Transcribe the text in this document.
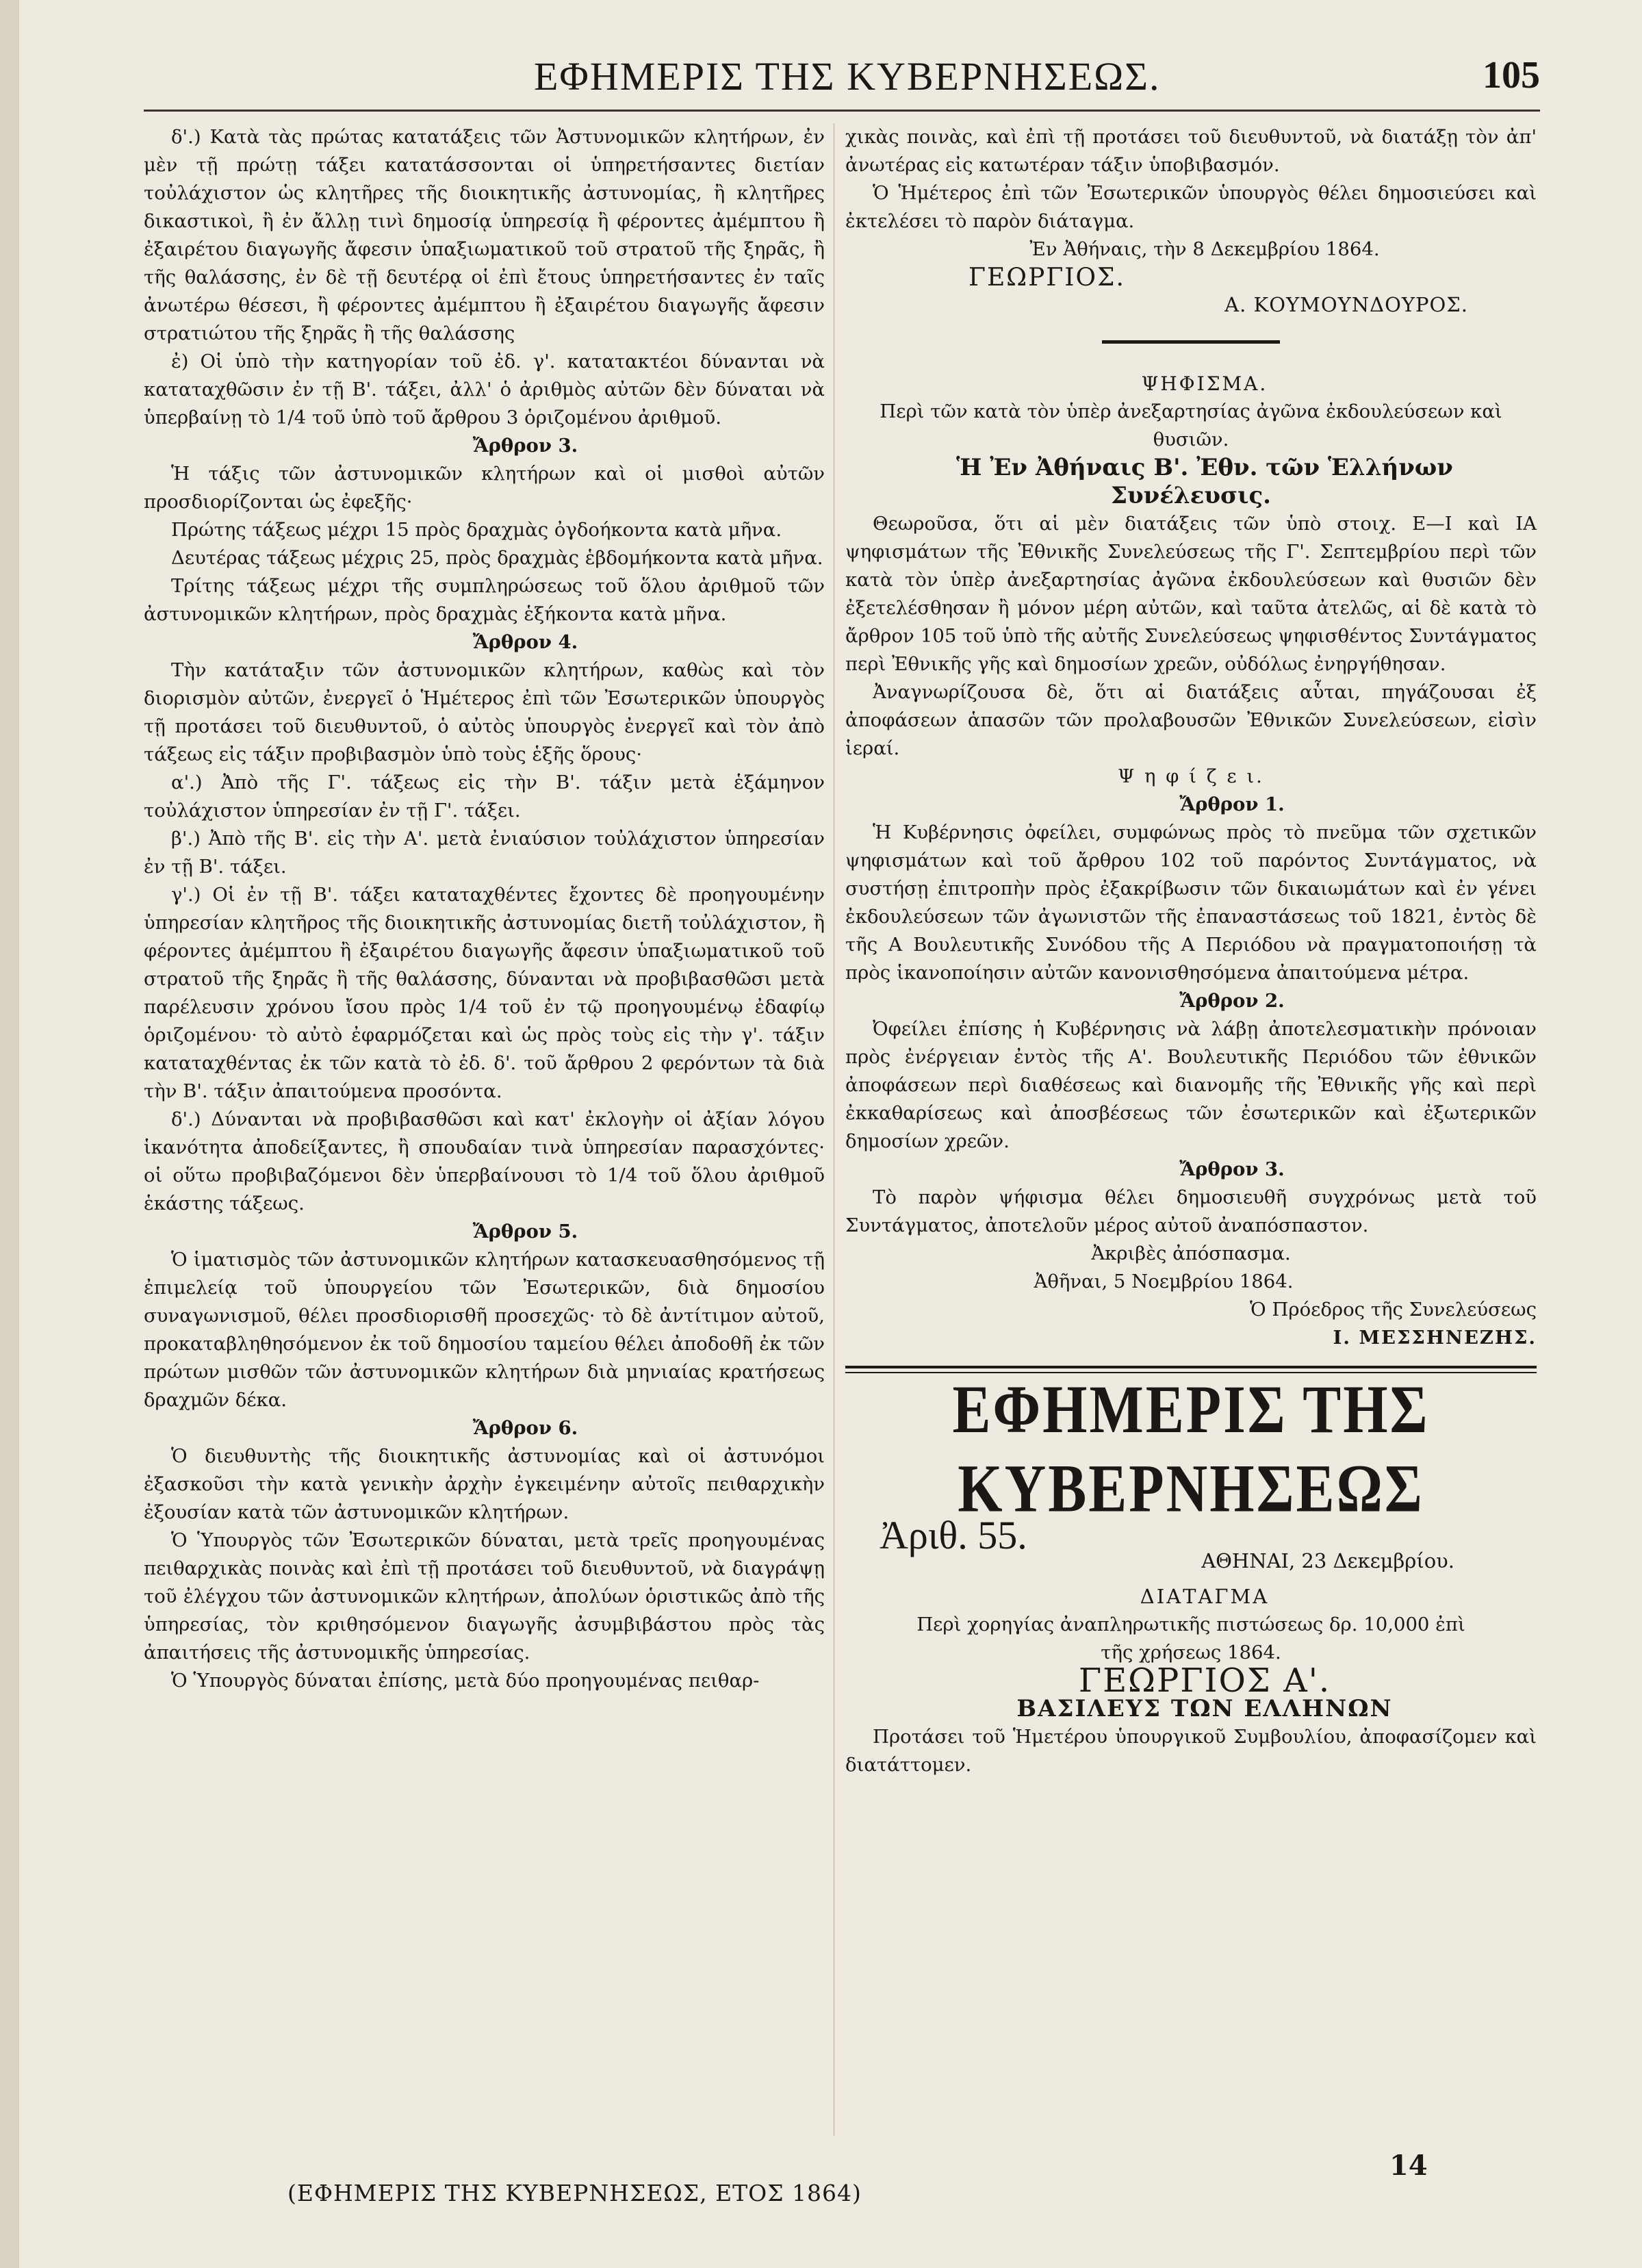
ΕΦΗΜΕΡΙΣ ΤΗΣ ΚΥΒΕΡΝΗΣΕΩΣ.	105

δ'.) Κατὰ τὰς πρώτας κατατάξεις τῶν Ἀστυνομικῶν κλητήρων, ἐν μὲν τῇ πρώτῃ τάξει κατατάσσονται οἱ ὑπηρετήσαντες διετίαν τοὐλάχιστον ὡς κλητῆρες τῆς διοικητικῆς ἀστυνομίας, ἢ κλητῆρες δικαστικοὶ, ἢ ἐν ἄλλῃ τινὶ δημοσίᾳ ὑπηρεσίᾳ ἢ φέροντες ἀμέμπτου ἢ ἐξαιρέτου διαγωγῆς ἄφεσιν ὑπαξιωματικοῦ τοῦ στρατοῦ τῆς ξηρᾶς, ἢ τῆς θαλάσσης, ἐν δὲ τῇ δευτέρᾳ οἱ ἐπὶ ἔτους ὑπηρετήσαντες ἐν ταῖς ἀνωτέρω θέσεσι, ἢ φέροντες ἀμέμπτου ἢ ἐξαιρέτου διαγωγῆς ἄφεσιν στρατιώτου τῆς ξηρᾶς ἢ τῆς θαλάσσης

ἐ) Οἱ ὑπὸ τὴν κατηγορίαν τοῦ ἐδ. γ'. κατατακτέοι δύνανται νὰ καταταχθῶσιν ἐν τῇ Β'. τάξει, ἀλλ' ὁ ἀριθμὸς αὐτῶν δὲν δύναται νὰ ὑπερβαίνῃ τὸ 1/4 τοῦ ὑπὸ τοῦ ἄρθρου 3 ὁριζομένου ἀριθμοῦ.

Ἄρθρον 3.

Ἡ τάξις τῶν ἀστυνομικῶν κλητήρων καὶ οἱ μισθοὶ αὐτῶν προσδιορίζονται ὡς ἐφεξῆς·

Πρώτης τάξεως μέχρι 15 πρὸς δραχμὰς ὀγδοήκοντα κατὰ μῆνα.

Δευτέρας τάξεως μέχρις 25, πρὸς δραχμὰς ἑβδομήκοντα κατὰ μῆνα.

Τρίτης τάξεως μέχρι τῆς συμπληρώσεως τοῦ ὅλου ἀριθμοῦ τῶν ἀστυνομικῶν κλητήρων, πρὸς δραχμὰς ἑξήκοντα κατὰ μῆνα.

Ἄρθρον 4.

Τὴν κατάταξιν τῶν ἀστυνομικῶν κλητήρων, καθὼς καὶ τὸν διορισμὸν αὐτῶν, ἐνεργεῖ ὁ Ἡμέτερος ἐπὶ τῶν Ἐσωτερικῶν ὑπουργὸς τῇ προτάσει τοῦ διευθυντοῦ, ὁ αὐτὸς ὑπουργὸς ἐνεργεῖ καὶ τὸν ἀπὸ τάξεως εἰς τάξιν προβιβασμὸν ὑπὸ τοὺς ἑξῆς ὅρους·

α'.) Ἀπὸ τῆς Γ'. τάξεως εἰς τὴν Β'. τάξιν μετὰ ἑξάμηνον τοὐλάχιστον ὑπηρεσίαν ἐν τῇ Γ'. τάξει.

β'.) Ἀπὸ τῆς Β'. εἰς τὴν Α'. μετὰ ἐνιαύσιον τοὐλάχιστον ὑπηρεσίαν ἐν τῇ Β'. τάξει.

γ'.) Οἱ ἐν τῇ Β'. τάξει καταταχθέντες ἔχοντες δὲ προηγουμένην ὑπηρεσίαν κλητῆρος τῆς διοικητικῆς ἀστυνομίας διετῆ τοὐλάχιστον, ἢ φέροντες ἀμέμπτου ἢ ἐξαιρέτου διαγωγῆς ἄφεσιν ὑπαξιωματικοῦ τοῦ στρατοῦ τῆς ξηρᾶς ἢ τῆς θαλάσσης, δύνανται νὰ προβιβασθῶσι μετὰ παρέλευσιν χρόνου ἴσου πρὸς 1/4 τοῦ ἐν τῷ προηγουμένῳ ἐδαφίῳ ὁριζομένου· τὸ αὐτὸ ἐφαρμόζεται καὶ ὡς πρὸς τοὺς εἰς τὴν γ'. τάξιν καταταχθέντας ἐκ τῶν κατὰ τὸ ἐδ. δ'. τοῦ ἄρθρου 2 φερόντων τὰ διὰ τὴν Β'. τάξιν ἀπαιτούμενα προσόντα.

δ'.) Δύνανται νὰ προβιβασθῶσι καὶ κατ' ἐκλογὴν οἱ ἀξίαν λόγου ἱκανότητα ἀποδείξαντες, ἢ σπουδαίαν τινὰ ὑπηρεσίαν παρασχόντες· οἱ οὕτω προβιβαζόμενοι δὲν ὑπερβαίνουσι τὸ 1/4 τοῦ ὅλου ἀριθμοῦ ἑκάστης τάξεως.

Ἄρθρον 5.

Ὁ ἱματισμὸς τῶν ἀστυνομικῶν κλητήρων κατασκευασθησόμενος τῇ ἐπιμελείᾳ τοῦ ὑπουργείου τῶν Ἐσωτερικῶν, διὰ δημοσίου συναγωνισμοῦ, θέλει προσδιορισθῆ προσεχῶς· τὸ δὲ ἀντίτιμον αὐτοῦ, προκαταβληθησόμενον ἐκ τοῦ δημοσίου ταμείου θέλει ἀποδοθῆ ἐκ τῶν πρώτων μισθῶν τῶν ἀστυνομικῶν κλητήρων διὰ μηνιαίας κρατήσεως δραχμῶν δέκα.

Ἄρθρον 6.

Ὁ διευθυντὴς τῆς διοικητικῆς ἀστυνομίας καὶ οἱ ἀστυνόμοι ἐξασκοῦσι τὴν κατὰ γενικὴν ἀρχὴν ἐγκειμένην αὐτοῖς πειθαρχικὴν ἐξουσίαν κατὰ τῶν ἀστυνομικῶν κλητήρων.

Ὁ Ὑπουργὸς τῶν Ἐσωτερικῶν δύναται, μετὰ τρεῖς προηγουμένας πειθαρχικὰς ποινὰς καὶ ἐπὶ τῇ προτάσει τοῦ διευθυντοῦ, νὰ διαγράψῃ τοῦ ἐλέγχου τῶν ἀστυνομικῶν κλητήρων, ἀπολύων ὁριστικῶς ἀπὸ τῆς ὑπηρεσίας, τὸν κριθησόμενον διαγωγῆς ἀσυμβιβάστου πρὸς τὰς ἀπαιτήσεις τῆς ἀστυνομικῆς ὑπηρεσίας.

Ὁ Ὑπουργὸς δύναται ἐπίσης, μετὰ δύο προηγουμένας πειθαρ-

χικὰς ποινὰς, καὶ ἐπὶ τῇ προτάσει τοῦ διευθυντοῦ, νὰ διατάξῃ τὸν ἀπ' ἀνωτέρας εἰς κατωτέραν τάξιν ὑποβιβασμόν.

Ὁ Ἡμέτερος ἐπὶ τῶν Ἐσωτερικῶν ὑπουργὸς θέλει δημοσιεύσει καὶ ἐκτελέσει τὸ παρὸν διάταγμα.

Ἐν Ἀθήναις, τὴν 8 Δεκεμβρίου 1864.

ΓΕΩΡΓΙΟΣ.
Α. ΚΟΥΜΟΥΝΔΟΥΡΟΣ.

ΨΗΦΙΣΜΑ.

Περὶ τῶν κατὰ τὸν ὑπὲρ ἀνεξαρτησίας ἀγῶνα ἐκδουλεύσεων καὶ θυσιῶν.

Ἡ Ἐν Ἀθήναις Β'. Ἐθν. τῶν Ἑλλήνων Συνέλευσις.

Θεωροῦσα, ὅτι αἱ μὲν διατάξεις τῶν ὑπὸ στοιχ. Ε—Ι καὶ ΙΑ ψηφισμάτων τῆς Ἐθνικῆς Συνελεύσεως τῆς Γ'. Σεπτεμβρίου περὶ τῶν κατὰ τὸν ὑπὲρ ἀνεξαρτησίας ἀγῶνα ἐκδουλεύσεων καὶ θυσιῶν δὲν ἐξετελέσθησαν ἢ μόνον μέρη αὐτῶν, καὶ ταῦτα ἀτελῶς, αἱ δὲ κατὰ τὸ ἄρθρον 105 τοῦ ὑπὸ τῆς αὐτῆς Συνελεύσεως ψηφισθέντος Συντάγματος περὶ Ἐθνικῆς γῆς καὶ δημοσίων χρεῶν, οὐδόλως ἐνηργήθησαν.

Ἀναγνωρίζουσα δὲ, ὅτι αἱ διατάξεις αὗται, πηγάζουσαι ἐξ ἀποφάσεων ἁπασῶν τῶν προλαβουσῶν Ἐθνικῶν Συνελεύσεων, εἰσὶν ἱεραί.

Ψ η φ ί ζ ε ι.

Ἄρθρον 1.

Ἡ Κυβέρνησις ὀφείλει, συμφώνως πρὸς τὸ πνεῦμα τῶν σχετικῶν ψηφισμάτων καὶ τοῦ ἄρθρου 102 τοῦ παρόντος Συντάγματος, νὰ συστήσῃ ἐπιτροπὴν πρὸς ἐξακρίβωσιν τῶν δικαιωμάτων καὶ ἐν γένει ἐκδουλεύσεων τῶν ἀγωνιστῶν τῆς ἐπαναστάσεως τοῦ 1821, ἐντὸς δὲ τῆς Α Βουλευτικῆς Συνόδου τῆς Α Περιόδου νὰ πραγματοποιήσῃ τὰ πρὸς ἱκανοποίησιν αὐτῶν κανονισθησόμενα ἀπαιτούμενα μέτρα.

Ἄρθρον 2.

Ὀφείλει ἐπίσης ἡ Κυβέρνησις νὰ λάβῃ ἀποτελεσματικὴν πρόνοιαν πρὸς ἐνέργειαν ἐντὸς τῆς Α'. Βουλευτικῆς Περιόδου τῶν ἐθνικῶν ἀποφάσεων περὶ διαθέσεως καὶ διανομῆς τῆς Ἐθνικῆς γῆς καὶ περὶ ἐκκαθαρίσεως καὶ ἀποσβέσεως τῶν ἐσωτερικῶν καὶ ἐξωτερικῶν δημοσίων χρεῶν.

Ἄρθρον 3.

Τὸ παρὸν ψήφισμα θέλει δημοσιευθῆ συγχρόνως μετὰ τοῦ Συντάγματος, ἀποτελοῦν μέρος αὐτοῦ ἀναπόσπαστον.

Ἀκριβὲς ἀπόσπασμα.

Ἀθῆναι, 5 Νοεμβρίου 1864.

Ὁ Πρόεδρος τῆς Συνελεύσεως

Ι. ΜΕΣΣΗΝΕΖΗΣ.

ΕΦΗΜΕΡΙΣ ΤΗΣ ΚΥΒΕΡΝΗΣΕΩΣ
Ἀριθ. 55.
ΑΘΗΝΑΙ, 23 Δεκεμβρίου.

ΔΙΑΤΑΓΜΑ

Περὶ χορηγίας ἀναπληρωτικῆς πιστώσεως δρ. 10,000 ἐπὶ τῆς χρήσεως 1864.

ΓΕΩΡΓΙΟΣ Α'.

ΒΑΣΙΛΕΥΣ ΤΩΝ ΕΛΛΗΝΩΝ

Προτάσει τοῦ Ἡμετέρου ὑπουργικοῦ Συμβουλίου, ἀποφασίζομεν καὶ διατάττομεν.

(ΕΦΗΜΕΡΙΣ ΤΗΣ ΚΥΒΕΡΝΗΣΕΩΣ, ΕΤΟΣ 1864)
14
